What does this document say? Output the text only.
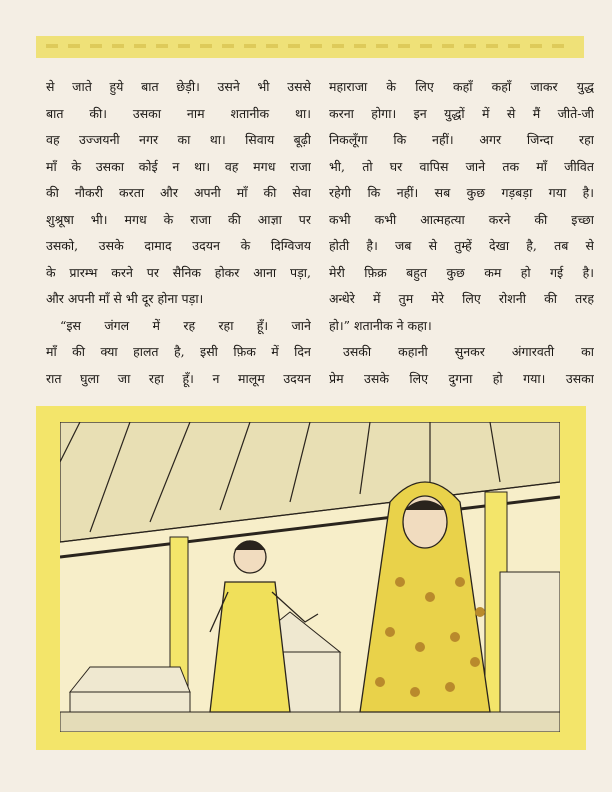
से जाते हुये बात छेड़ी। उसने भी उससे
बात की। उसका नाम शतानीक था।
वह उज्जयनी नगर का था। सिवाय बूढ़ी
माँ के उसका कोई न था। वह मगध राजा
की नौकरी करता और अपनी माँ की सेवा
शुश्रूषा भी। मगध के राजा की आज्ञा पर
उसको, उसके दामाद उदयन के दिग्विजय
के प्रारम्भ करने पर सैनिक होकर आना पड़ा,
और अपनी माँ से भी दूर होना पड़ा।
“इस जंगल में रह रहा हूँ। जाने
माँ की क्या हालत है, इसी फ़िक में दिन
रात घुला जा रहा हूँ। न मालूम उदयन
महाराजा के लिए कहाँ कहाँ जाकर युद्ध
करना होगा। इन युद्धों में से मैं जीते-जी
निकलूँगा कि नहीं। अगर जिन्दा रहा
भी, तो घर वापिस जाने तक माँ जीवित
रहेगी कि नहीं। सब कुछ गड़बड़ा गया है।
कभी कभी आत्महत्या करने की इच्छा
होती है। जब से तुम्हें देखा है, तब से
मेरी फ़िक्र बहुत कुछ कम हो गई है।
अन्धेरे में तुम मेरे लिए रोशनी की तरह
हो।” शतानीक ने कहा।
उसकी कहानी सुनकर अंगारवती का
प्रेम उसके लिए दुगना हो गया। उसका
